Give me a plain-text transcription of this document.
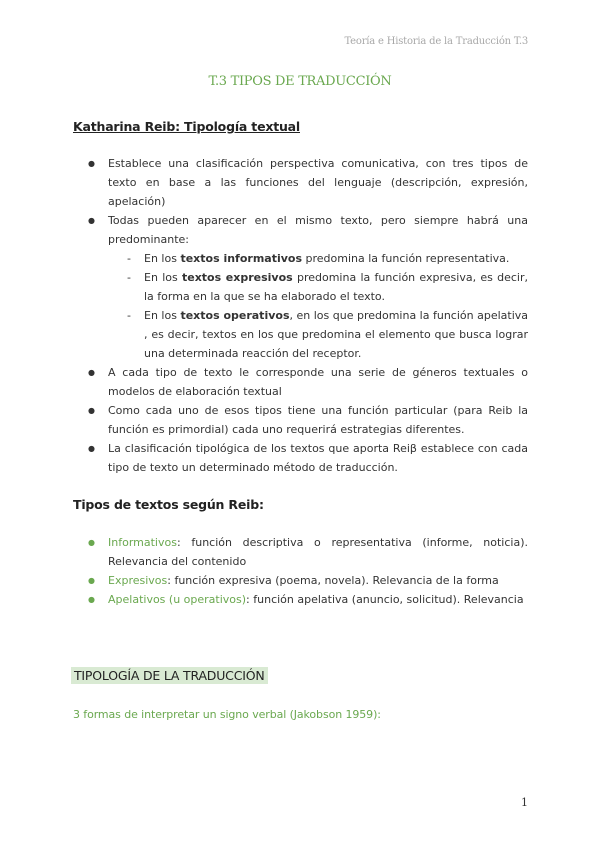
Teoría e Historia de la Traducción T.3
T.3 TIPOS DE TRADUCCIÓN
Katharina Reib: Tipología textual
● Establece una clasificación perspectiva comunicativa, con tres tipos de texto en base a las funciones del lenguaje (descripción, expresión, apelación)
● Todas pueden aparecer en el mismo texto, pero siempre habrá una predominante:
- En los textos informativos predomina la función representativa.
- En los textos expresivos predomina la función expresiva, es decir, la forma en la que se ha elaborado el texto.
- En los textos operativos, en los que predomina la función apelativa , es decir, textos en los que predomina el elemento que busca lograr una determinada reacción del receptor.
● A cada tipo de texto le corresponde una serie de géneros textuales o modelos de elaboración textual
● Como cada uno de esos tipos tiene una función particular (para Reib la función es primordial) cada uno requerirá estrategias diferentes.
● La clasificación tipológica de los textos que aporta Reiβ establece con cada tipo de texto un determinado método de traducción.
Tipos de textos según Reib:
● Informativos: función descriptiva o representativa (informe, noticia). Relevancia del contenido
● Expresivos: función expresiva (poema, novela). Relevancia de la forma
● Apelativos (u operativos): función apelativa (anuncio, solicitud). Relevancia
TIPOLOGÍA DE LA TRADUCCIÓN
3 formas de interpretar un signo verbal (Jakobson 1959):
1
